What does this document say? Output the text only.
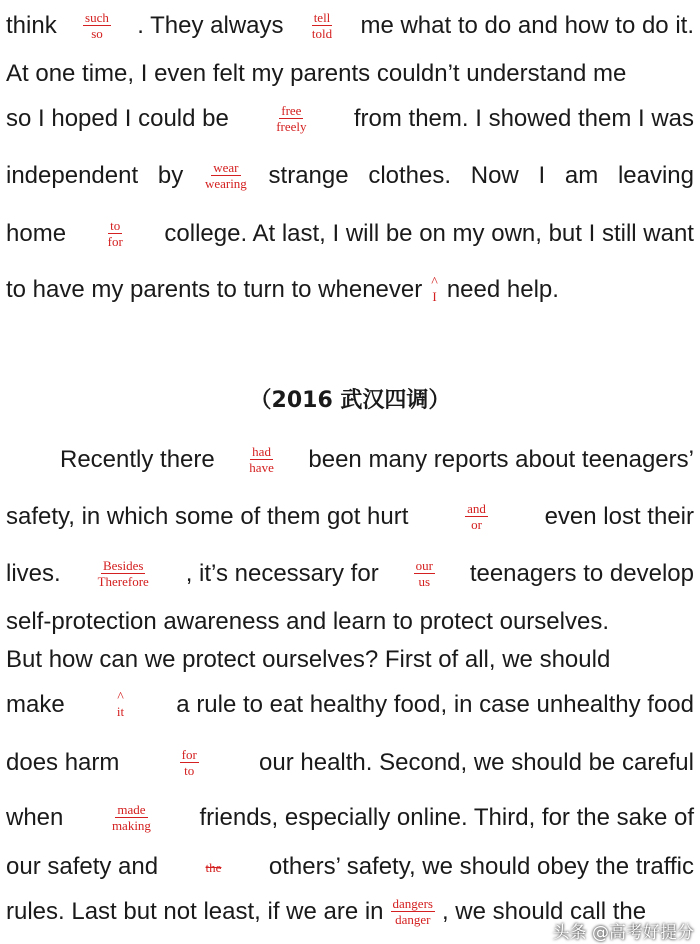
think such
so . They always tell
told me what to do and how to do it.
At one time, I even felt my parents couldn’t understand me
so I hoped I could be	free
freely from them. I showed them I was
independent by wear
wearing strange clothes. Now I am leaving
home	to
for college. At last, I will be on my own, but I still want
to have my parents to turn to whenever ^
I need help.
（2016 武汉四调）
Recently there	had
have been many reports about teenagers’
safety, in which some of them got hurt	and
or	even lost their
lives.	Besides
Therefore , it’s necessary for	our
us teenagers to develop
self-protection awareness and learn to protect ourselves.
But how can we protect ourselves? First of all, we should
make	^
it a rule to eat healthy food, in case unhealthy food
does harm	for
to	our health. Second, we should be careful
when	made
making friends, especially online. Third, for the sake of
our safety and	the others’ safety, we should obey the traffic
rules. Last but not least, if we are in dangers
danger , we should call the
头条 @高考好提分
